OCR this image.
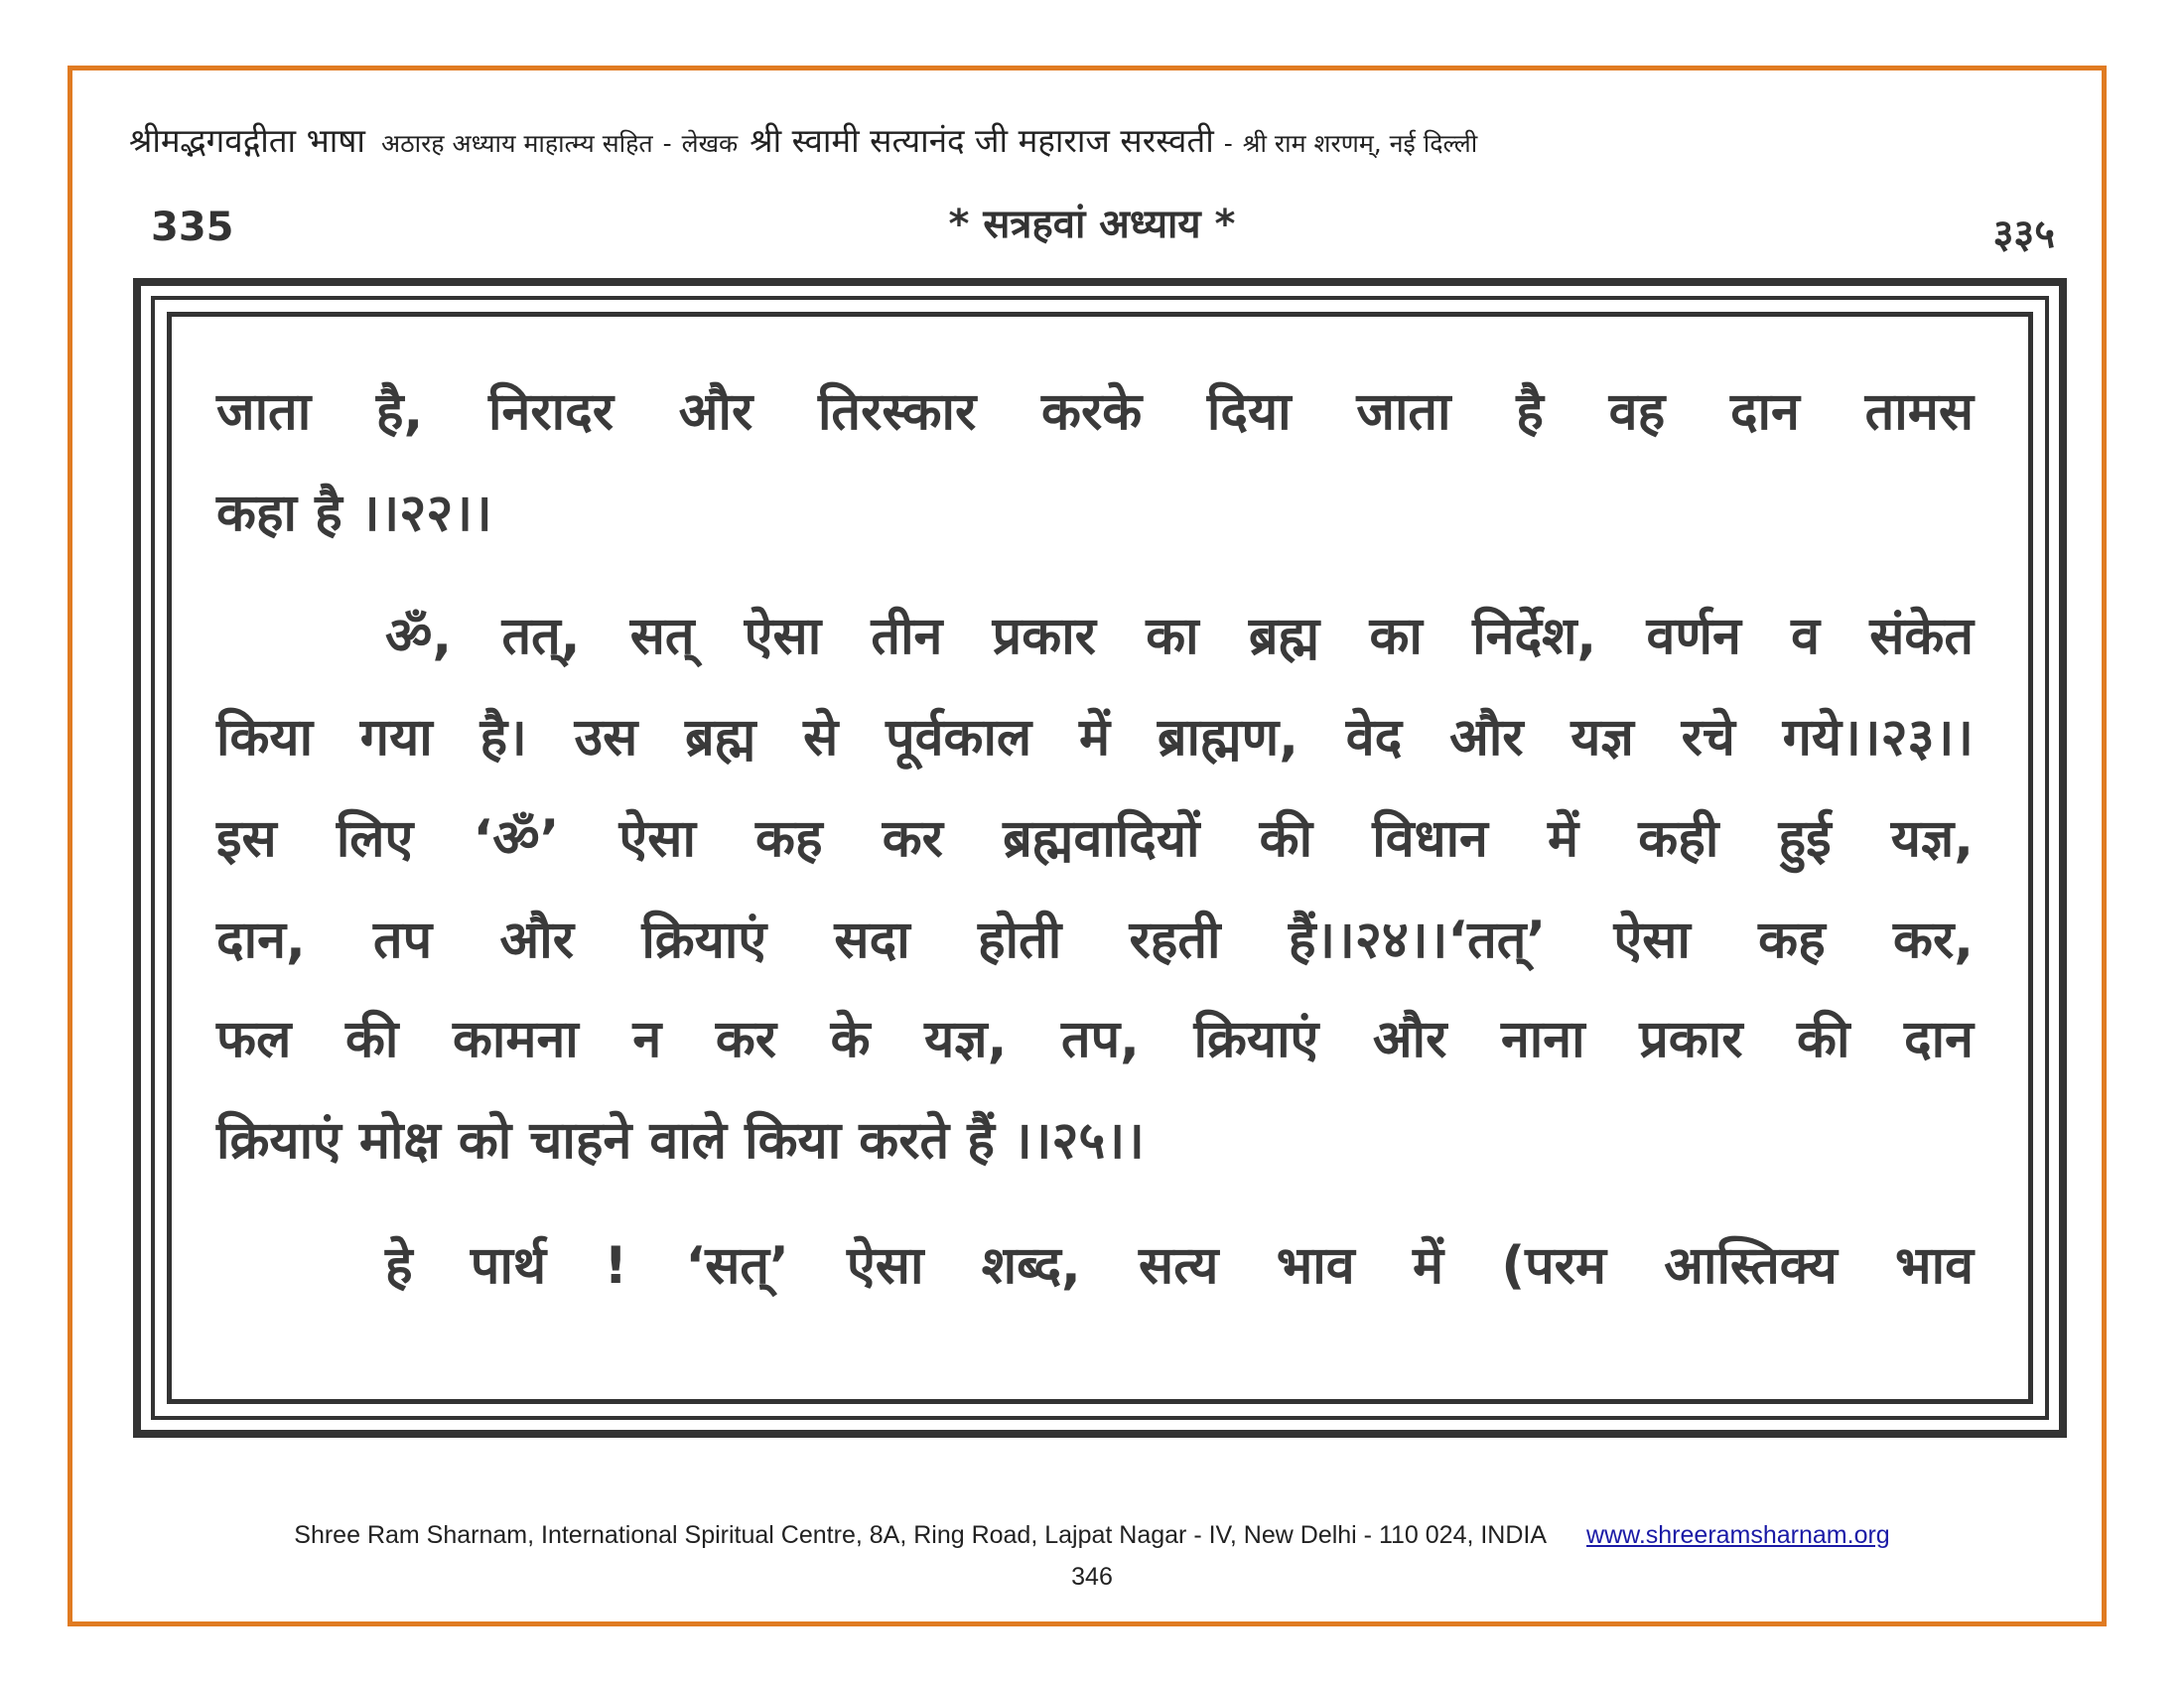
श्रीमद्भगवद्गीता भाषा अठारह अध्याय माहात्म्य सहित - लेखक श्री स्वामी सत्यानंद जी महाराज सरस्वती - श्री राम शरणम्, नई दिल्ली
335	* सत्रहवां अध्याय *	३३५
जाता है, निरादर और तिरस्कार करके दिया जाता है वह दान तामस
कहा है ।।२२।।
ॐ, तत्, सत् ऐसा तीन प्रकार का ब्रह्म का निर्देश, वर्णन व संकेत
किया गया है। उस ब्रह्म से पूर्वकाल में ब्राह्मण, वेद और यज्ञ रचे गये।।२३।।
इस लिए ‘ॐ’ ऐसा कह कर ब्रह्मवादियों की विधान में कही हुई यज्ञ,
दान, तप और क्रियाएं सदा होती रहती हैं।।२४।।‘तत्’ ऐसा कह कर,
फल की कामना न कर के यज्ञ, तप, क्रियाएं और नाना प्रकार की दान
क्रियाएं मोक्ष को चाहने वाले किया करते हैं ।।२५।।
हे पार्थ ! ‘सत्’ ऐसा शब्द, सत्य भाव में (परम आस्तिक्य भाव
Shree Ram Sharnam, International Spiritual Centre, 8A, Ring Road, Lajpat Nagar - IV, New Delhi - 110 024, INDIA www.shreeramsharnam.org
346
